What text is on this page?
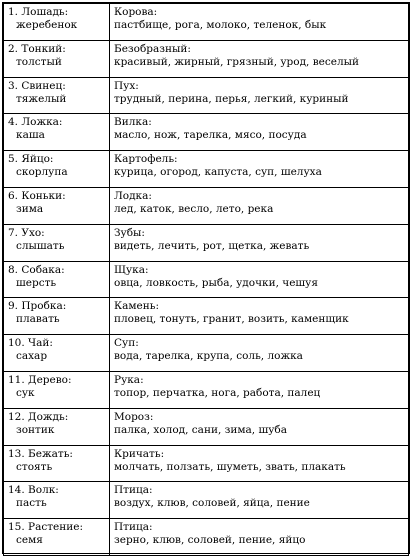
1. Лошадь:
жеребенок	Корова:
пастбище, рога, молоко, теленок, бык

2. Тонкий:
толстый	Безобразный:
красивый, жирный, грязный, урод, веселый

3. Свинец:
тяжелый	Пух:
трудный, перина, перья, легкий, куриный

4. Ложка:
каша	Вилка:
масло, нож, тарелка, мясо, посуда

5. Яйцо:
скорлупа	Картофель:
курица, огород, капуста, суп, шелуха

6. Коньки:
зима	Лодка:
лед, каток, весло, лето, река

7. Ухо:
слышать	Зубы:
видеть, лечить, рот, щетка, жевать

8. Собака:
шерсть	Щука:
овца, ловкость, рыба, удочки, чешуя

9. Пробка:
плавать	Камень:
пловец, тонуть, гранит, возить, каменщик

10. Чай:
сахар	Суп:
вода, тарелка, крупа, соль, ложка

11. Дерево:
сук	Рука:
топор, перчатка, нога, работа, палец

12. Дождь:
зонтик	Мороз:
палка, холод, сани, зима, шуба

13. Бежать:
стоять	Кричать:
молчать, ползать, шуметь, звать, плакать

14. Волк:
пасть	Птица:
воздух, клюв, соловей, яйца, пение

15. Растение:
семя	Птица:
зерно, клюв, соловей, пение, яйцо
